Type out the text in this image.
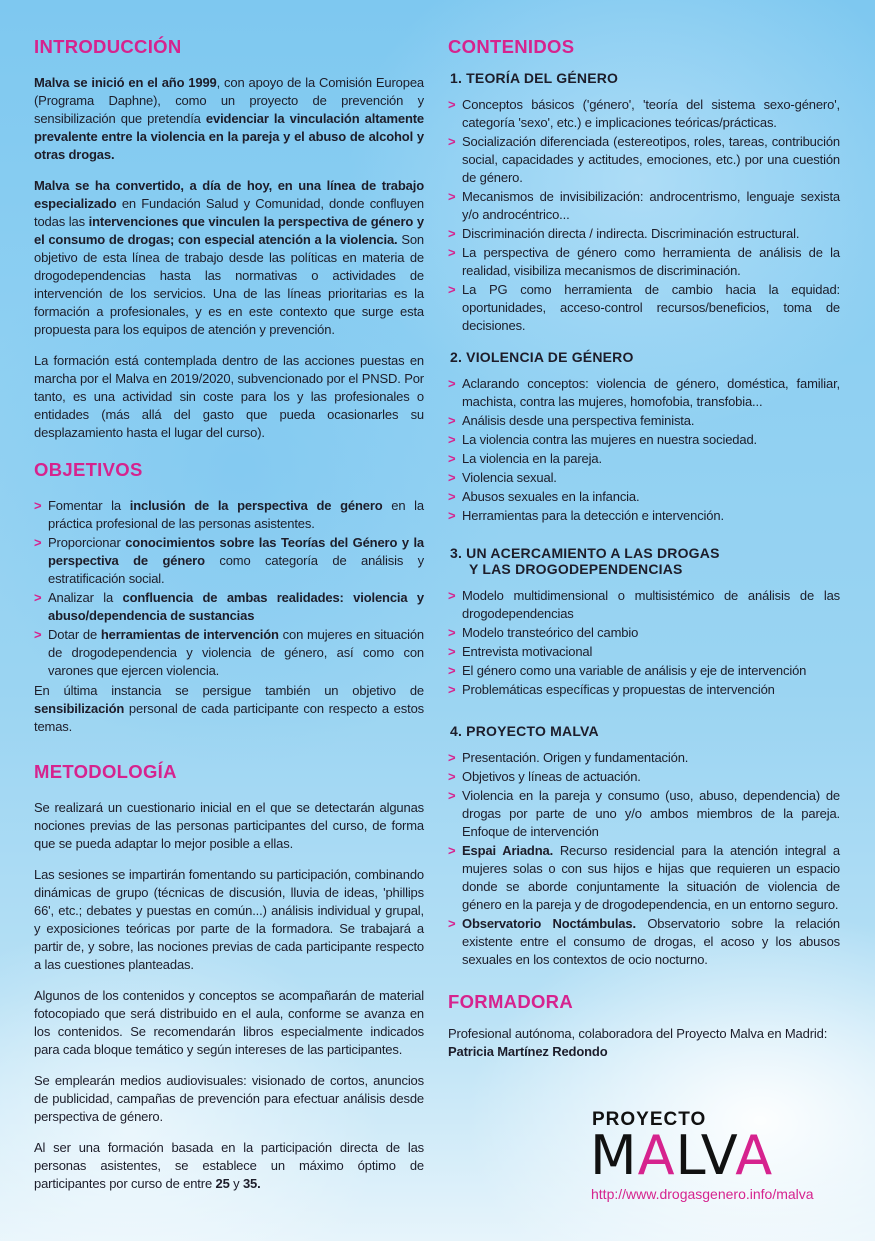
INTRODUCCIÓN

Malva se inició en el año 1999, con apoyo de la Comisión Europea (Programa Daphne), como un proyecto de prevención y sensibilización que pretendía evidenciar la vinculación altamente prevalente entre la violencia en la pareja y el abuso de alcohol y otras drogas.

Malva se ha convertido, a día de hoy, en una línea de trabajo especializado en Fundación Salud y Comunidad, donde confluyen todas las intervenciones que vinculen la perspectiva de género y el consumo de drogas; con especial atención a la violencia. Son objetivo de esta línea de trabajo desde las políticas en materia de drogodependencias hasta las normativas o actividades de intervención de los servicios. Una de las líneas prioritarias es la formación a profesionales, y es en este contexto que surge esta propuesta para los equipos de atención y prevención.

La formación está contemplada dentro de las acciones puestas en marcha por el Malva en 2019/2020, subvencionado por el PNSD. Por tanto, es una actividad sin coste para los y las profesionales o entidades (más allá del gasto que pueda ocasionarles su desplazamiento hasta el lugar del curso).

OBJETIVOS
> Fomentar la inclusión de la perspectiva de género en la práctica profesional de las personas asistentes.
> Proporcionar conocimientos sobre las Teorías del Género y la perspectiva de género como categoría de análisis y estratificación social.
> Analizar la confluencia de ambas realidades: violencia y abuso/dependencia de sustancias
> Dotar de herramientas de intervención con mujeres en situación de drogodependencia y violencia de género, así como con varones que ejercen violencia.

En última instancia se persigue también un objetivo de sensibilización personal de cada participante con respecto a estos temas.

METODOLOGÍA

Se realizará un cuestionario inicial en el que se detectarán algunas nociones previas de las personas participantes del curso, de forma que se pueda adaptar lo mejor posible a ellas.

Las sesiones se impartirán fomentando su participación, combinando dinámicas de grupo (técnicas de discusión, lluvia de ideas, 'phillips 66', etc.; debates y puestas en común...) análisis individual y grupal, y exposiciones teóricas por parte de la formadora. Se trabajará a partir de, y sobre, las nociones previas de cada participante respecto a las cuestiones planteadas.

Algunos de los contenidos y conceptos se acompañarán de material fotocopiado que será distribuido en el aula, conforme se avanza en los contenidos. Se recomendarán libros especialmente indicados para cada bloque temático y según intereses de las participantes.

Se emplearán medios audiovisuales: visionado de cortos, anuncios de publicidad, campañas de prevención para efectuar análisis desde perspectiva de género.

Al ser una formación basada en la participación directa de las personas asistentes, se establece un máximo óptimo de participantes por curso de entre 25 y 35.

CONTENIDOS
1. TEORÍA DEL GÉNERO
> Conceptos básicos ('género', 'teoría del sistema sexo-género', categoría 'sexo', etc.) e implicaciones teóricas/prácticas.
> Socialización diferenciada (estereotipos, roles, tareas, contribución social, capacidades y actitudes, emociones, etc.) por una cuestión de género.
> Mecanismos de invisibilización: androcentrismo, lenguaje sexista y/o androcéntrico...
> Discriminación directa / indirecta. Discriminación estructural.
> La perspectiva de género como herramienta de análisis de la realidad, visibiliza mecanismos de discriminación.
> La PG como herramienta de cambio hacia la equidad: oportunidades, acceso-control recursos/beneficios, toma de decisiones.
2. VIOLENCIA DE GÉNERO
> Aclarando conceptos: violencia de género, doméstica, familiar, machista, contra las mujeres, homofobia, transfobia...
> Análisis desde una perspectiva feminista.
> La violencia contra las mujeres en nuestra sociedad.
> La violencia en la pareja.
> Violencia sexual.
> Abusos sexuales en la infancia.
> Herramientas para la detección e intervención.
3. UN ACERCAMIENTO A LAS DROGAS
Y LAS DROGODEPENDENCIAS
> Modelo multidimensional o multisistémico de análisis de las drogodependencias
> Modelo transteórico del cambio
> Entrevista motivacional
> El género como una variable de análisis y eje de intervención
> Problemáticas específicas y propuestas de intervención
4. PROYECTO MALVA
> Presentación. Origen y fundamentación.
> Objetivos y líneas de actuación.
> Violencia en la pareja y consumo (uso, abuso, dependencia) de drogas por parte de uno y/o ambos miembros de la pareja. Enfoque de intervención
> Espai Ariadna. Recurso residencial para la atención integral a mujeres solas o con sus hijos e hijas que requieren un espacio donde se aborde conjuntamente la situación de violencia de género en la pareja y de drogodependencia, en un entorno seguro.
> Observatorio Noctámbulas. Observatorio sobre la relación existente entre el consumo de drogas, el acoso y los abusos sexuales en los contextos de ocio nocturno.
FORMADORA

Profesional autónoma, colaboradora del Proyecto Malva en Madrid:
Patricia Martínez Redondo

PROYECTO
MALVA
http://www.drogasgenero.info/malva
